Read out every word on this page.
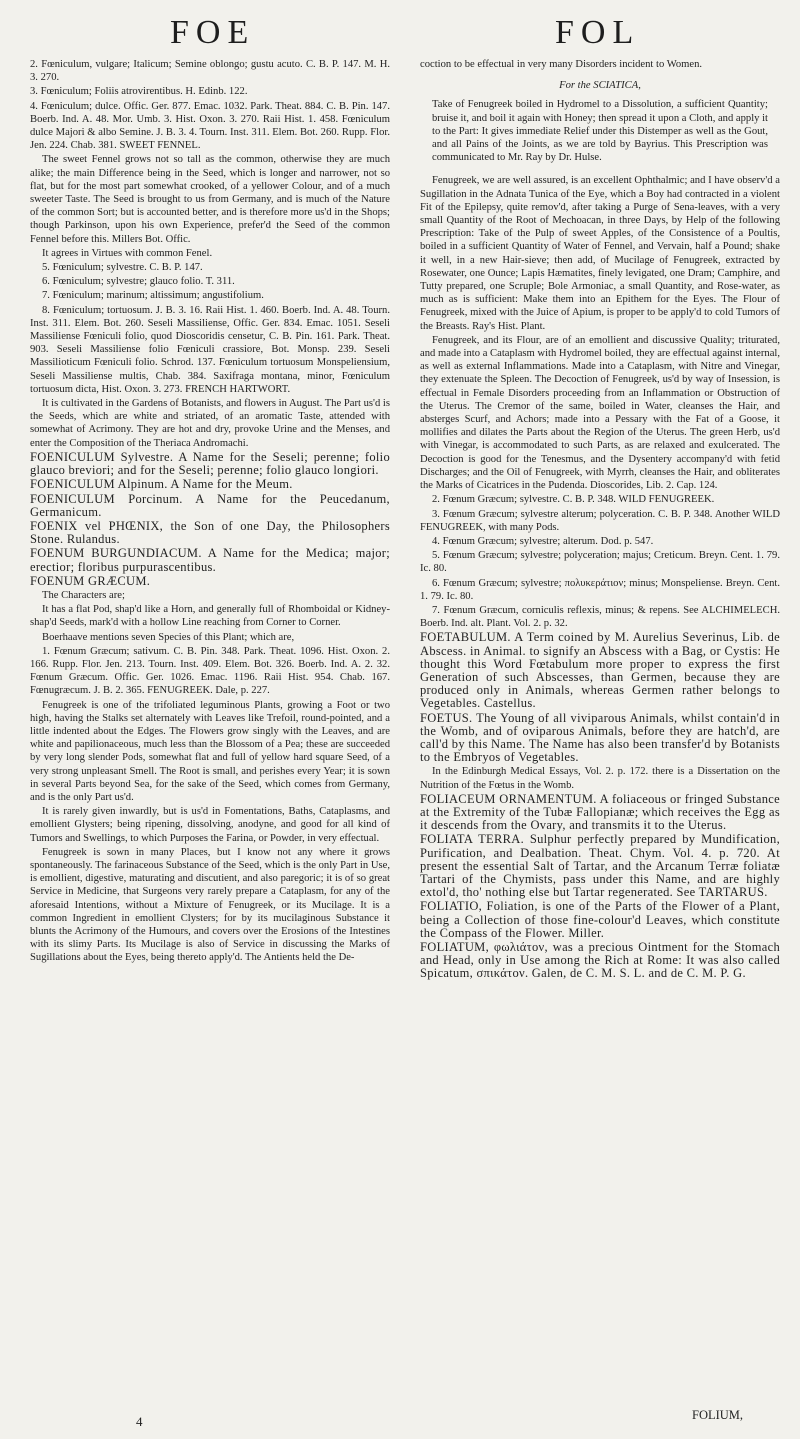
FOE	FOL

2. Fœniculum, vulgare; Italicum; Semine oblongo; gustu acuto. C. B. P. 147. M. H. 3. 270.

3. Fœniculum; Foliis atrovirentibus. H. Edinb. 122.

4. Fœniculum; dulce. Offic. Ger. 877. Emac. 1032. Park. Theat. 884. C. B. Pin. 147. Boerb. Ind. A. 48. Mor. Umb. 3. Hist. Oxon. 3. 270. Raii Hist. 1. 458. Fœniculum dulce Majori & albo Semine. J. B. 3. 4. Tourn. Inst. 311. Elem. Bot. 260. Rupp. Flor. Jen. 224. Chab. 381. SWEET FENNEL.

The sweet Fennel grows not so tall as the common, otherwise they are much alike; the main Difference being in the Seed, which is longer and narrower, not so flat, but for the most part somewhat crooked, of a yellower Colour, and of a much sweeter Taste. The Seed is brought to us from Germany, and is much of the Nature of the common Sort; but is accounted better, and is therefore more us'd in the Shops; though Parkinson, upon his own Experience, prefer'd the Seed of the common Fennel before this. Millers Bot. Offic.

It agrees in Virtues with common Fenel.

5. Fœniculum; sylvestre. C. B. P. 147.

6. Fœniculum; sylvestre; glauco folio. T. 311.

7. Fœniculum; marinum; altissimum; angustifolium.

8. Fœniculum; tortuosum. J. B. 3. 16. Raii Hist. 1. 460. Boerb. Ind. A. 48. Tourn. Inst. 311. Elem. Bot. 260. Seseli Massiliense, Offic. Ger. 834. Emac. 1051. Seseli Massiliense Fœniculi folio, quod Dioscoridis censetur, C. B. Pin. 161. Park. Theat. 903. Seseli Massiliense folio Fœniculi crassiore, Bot. Monsp. 239. Seseli Massilioticum Fœniculi folio. Schrod. 137. Fœniculum tortuosum Monspeliensium, Seseli Massiliense multis, Chab. 384. Saxifraga montana, minor, Fœniculum tortuosum dicta, Hist. Oxon. 3. 273. FRENCH HARTWORT.

It is cultivated in the Gardens of Botanists, and flowers in August. The Part us'd is the Seeds, which are white and striated, of an aromatic Taste, attended with somewhat of Acrimony. They are hot and dry, provoke Urine and the Menses, and enter the Composition of the Theriaca Andromachi.

FOENICULUM Sylvestre. A Name for the Seseli; perenne; folio glauco breviori; and for the Seseli; perenne; folio glauco longiori.

FOENICULUM Alpinum. A Name for the Meum.

FOENICULUM Porcinum. A Name for the Peucedanum, Germanicum.

FOENIX vel PHŒNIX, the Son of one Day, the Philosophers Stone. Rulandus.

FOENUM BURGUNDIACUM. A Name for the Medica; major; erectior; floribus purpurascentibus.

FOENUM GRÆCUM.

The Characters are;

It has a flat Pod, shap'd like a Horn, and generally full of Rhomboidal or Kidney-shap'd Seeds, mark'd with a hollow Line reaching from Corner to Corner.

Boerhaave mentions seven Species of this Plant; which are,

1. Fœnum Græcum; sativum. C. B. Pin. 348. Park. Theat. 1096. Hist. Oxon. 2. 166. Rupp. Flor. Jen. 213. Tourn. Inst. 409. Elem. Bot. 326. Boerb. Ind. A. 2. 32. Fœnum Græcum. Offic. Ger. 1026. Emac. 1196. Raii Hist. 954. Chab. 167. Fœnugræcum. J. B. 2. 365. FENUGREEK. Dale, p. 227.

Fenugreek is one of the trifoliated leguminous Plants, growing a Foot or two high, having the Stalks set alternately with Leaves like Trefoil, round-pointed, and a little indented about the Edges. The Flowers grow singly with the Leaves, and are white and papilionaceous, much less than the Blossom of a Pea; these are succeeded by very long slender Pods, somewhat flat and full of yellow hard square Seed, of a very strong unpleasant Smell. The Root is small, and perishes every Year; it is sown in several Parts beyond Sea, for the sake of the Seed, which comes from Germany, and is the only Part us'd.

It is rarely given inwardly, but is us'd in Fomentations, Baths, Cataplasms, and emollient Glysters; being ripening, dissolving, anodyne, and good for all kind of Tumors and Swellings, to which Purposes the Farina, or Powder, in very effectual.

Fenugreek is sown in many Places, but I know not any where it grows spontaneously. The farinaceous Substance of the Seed, which is the only Part in Use, is emollient, digestive, maturating and discutient, and also paregoric; it is of so great Service in Medicine, that Surgeons very rarely prepare a Cataplasm, for any of the aforesaid Intentions, without a Mixture of Fenugreek, or its Mucilage. It is a common Ingredient in emollient Clysters; for by its mucilaginous Substance it blunts the Acrimony of the Humours, and covers over the Erosions of the Intestines with its slimy Parts. Its Mucilage is also of Service in discussing the Marks of Sugillations about the Eyes, being thereto apply'd. The Antients held the De-

coction to be effectual in very many Disorders incident to Women.

For the SCIATICA,

Take of Fenugreek boiled in Hydromel to a Dissolution, a sufficient Quantity; bruise it, and boil it again with Honey; then spread it upon a Cloth, and apply it to the Part: It gives immediate Relief under this Distemper as well as the Gout, and all Pains of the Joints, as we are told by Bayrius. This Prescription was communicated to Mr. Ray by Dr. Hulse.

Fenugreek, we are well assured, is an excellent Ophthalmic; and I have observ'd a Sugillation in the Adnata Tunica of the Eye, which a Boy had contracted in a violent Fit of the Epilepsy, quite remov'd, after taking a Purge of Sena-leaves, with a very small Quantity of the Root of Mechoacan, in three Days, by Help of the following Prescription: Take of the Pulp of sweet Apples, of the Consistence of a Poultis, boiled in a sufficient Quantity of Water of Fennel, and Vervain, half a Pound; shake it well, in a new Hair-sieve; then add, of Mucilage of Fenugreek, extracted by Rosewater, one Ounce; Lapis Hæmatites, finely levigated, one Dram; Camphire, and Tutty prepared, one Scruple; Bole Armoniac, a small Quantity, and Rose-water, as much as is sufficient: Make them into an Epithem for the Eyes. The Flour of Fenugreek, mixed with the Juice of Apium, is proper to be apply'd to cold Tumors of the Breasts. Ray's Hist. Plant.

Fenugreek, and its Flour, are of an emollient and discussive Quality; triturated, and made into a Cataplasm with Hydromel boiled, they are effectual against internal, as well as external Inflammations. Made into a Cataplasm, with Nitre and Vinegar, they extenuate the Spleen. The Decoction of Fenugreek, us'd by way of Insession, is effectual in Female Disorders proceeding from an Inflammation or Obstruction of the Uterus. The Cremor of the same, boiled in Water, cleanses the Hair, and absterges Scurf, and Achors; made into a Pessary with the Fat of a Goose, it mollifies and dilates the Parts about the Region of the Uterus. The green Herb, us'd with Vinegar, is accommodated to such Parts, as are relaxed and exulcerated. The Decoction is good for the Tenesmus, and the Dysentery accompany'd with fetid Discharges; and the Oil of Fenugreek, with Myrrh, cleanses the Hair, and obliterates the Marks of Cicatrices in the Pudenda. Dioscorides, Lib. 2. Cap. 124.

2. Fœnum Græcum; sylvestre. C. B. P. 348. WILD FENUGREEK.

3. Fœnum Græcum; sylvestre alterum; polyceration. C. B. P. 348. Another WILD FENUGREEK, with many Pods.

4. Fœnum Græcum; sylvestre; alterum. Dod. p. 547.

5. Fœnum Græcum; sylvestre; polyceration; majus; Creticum. Breyn. Cent. 1. 79. Ic. 80.

6. Fœnum Græcum; sylvestre; πολυκεράτιον; minus; Monspeliense. Breyn. Cent. 1. 79. Ic. 80.

7. Fœnum Græcum, corniculis reflexis, minus; & repens. See ALCHIMELECH. Boerb. Ind. alt. Plant. Vol. 2. p. 32.

FOETABULUM. A Term coined by M. Aurelius Severinus, Lib. de Abscess. in Animal. to signify an Abscess with a Bag, or Cystis: He thought this Word Fœtabulum more proper to express the first Generation of such Abscesses, than Germen, because they are produced only in Animals, whereas Germen rather belongs to Vegetables. Castellus.

FOETUS. The Young of all viviparous Animals, whilst contain'd in the Womb, and of oviparous Animals, before they are hatch'd, are call'd by this Name. The Name has also been transfer'd by Botanists to the Embryos of Vegetables.

In the Edinburgh Medical Essays, Vol. 2. p. 172. there is a Dissertation on the Nutrition of the Fœtus in the Womb.

FOLIACEUM ORNAMENTUM. A foliaceous or fringed Substance at the Extremity of the Tubæ Fallopianæ; which receives the Egg as it descends from the Ovary, and transmits it to the Uterus.

FOLIATA TERRA. Sulphur perfectly prepared by Mundification, Purification, and Dealbation. Theat. Chym. Vol. 4. p. 720. At present the essential Salt of Tartar, and the Arcanum Terræ foliatæ Tartari of the Chymists, pass under this Name, and are highly extol'd, tho' nothing else but Tartar regenerated. See TARTARUS.

FOLIATIO, Foliation, is one of the Parts of the Flower of a Plant, being a Collection of those fine-colour'd Leaves, which constitute the Compass of the Flower. Miller.

FOLIATUM, φωλιάτον, was a precious Ointment for the Stomach and Head, only in Use among the Rich at Rome: It was also called Spicatum, σπικάτον. Galen, de C. M. S. L. and de C. M. P. G.

4	FOLIUM,
